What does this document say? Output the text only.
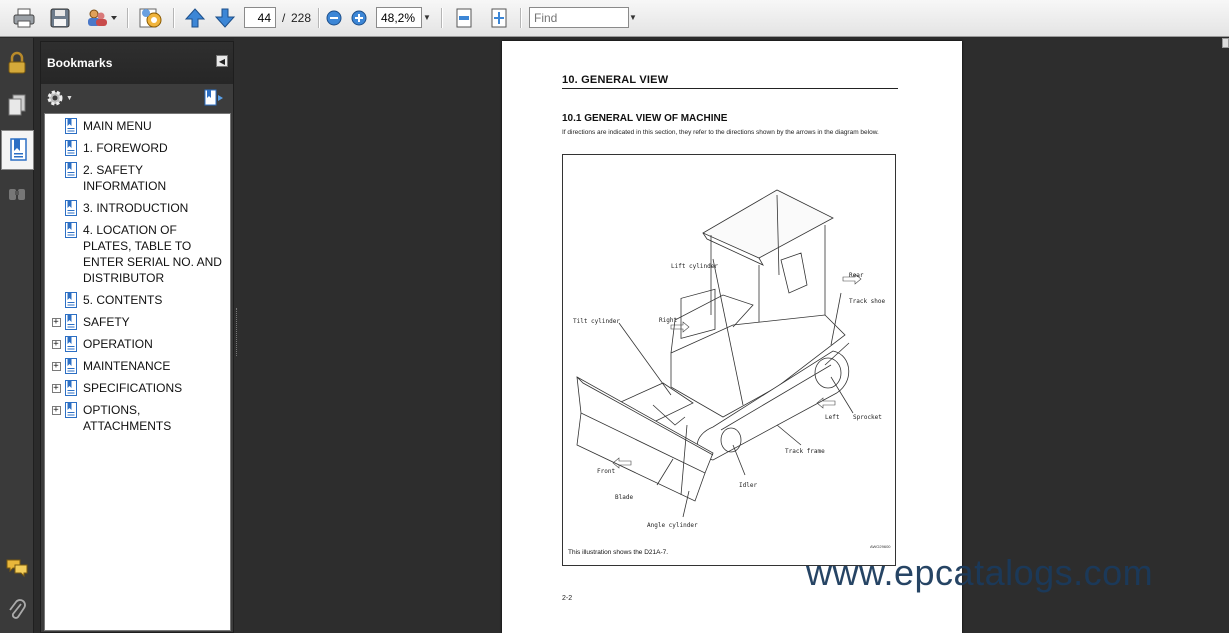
44
/ 228
48,2%	▼
Find	▼
Bookmarks	◀
▼
MAIN MENU
1. FOREWORD
2. SAFETY INFORMATION
3. INTRODUCTION
4. LOCATION OF PLATES, TABLE TO ENTER SERIAL NO. AND DISTRIBUTOR
5. CONTENTS
+ SAFETY
+ OPERATION
+ MAINTENANCE
+ SPECIFICATIONS
+ OPTIONS, ATTACHMENTS
10. GENERAL VIEW
10.1 GENERAL VIEW OF MACHINE
If directions are indicated in this section, they refer to the directions shown by the arrows in the diagram below.
Lift cylinder
Rear
Track shoe
Tilt cylinder	Right
Left Sprocket
Track frame
Front
Idler
Blade
Angle cylinder
This illustration shows the D21A-7.
AWO29600
2-2
www.epcatalogs.com
